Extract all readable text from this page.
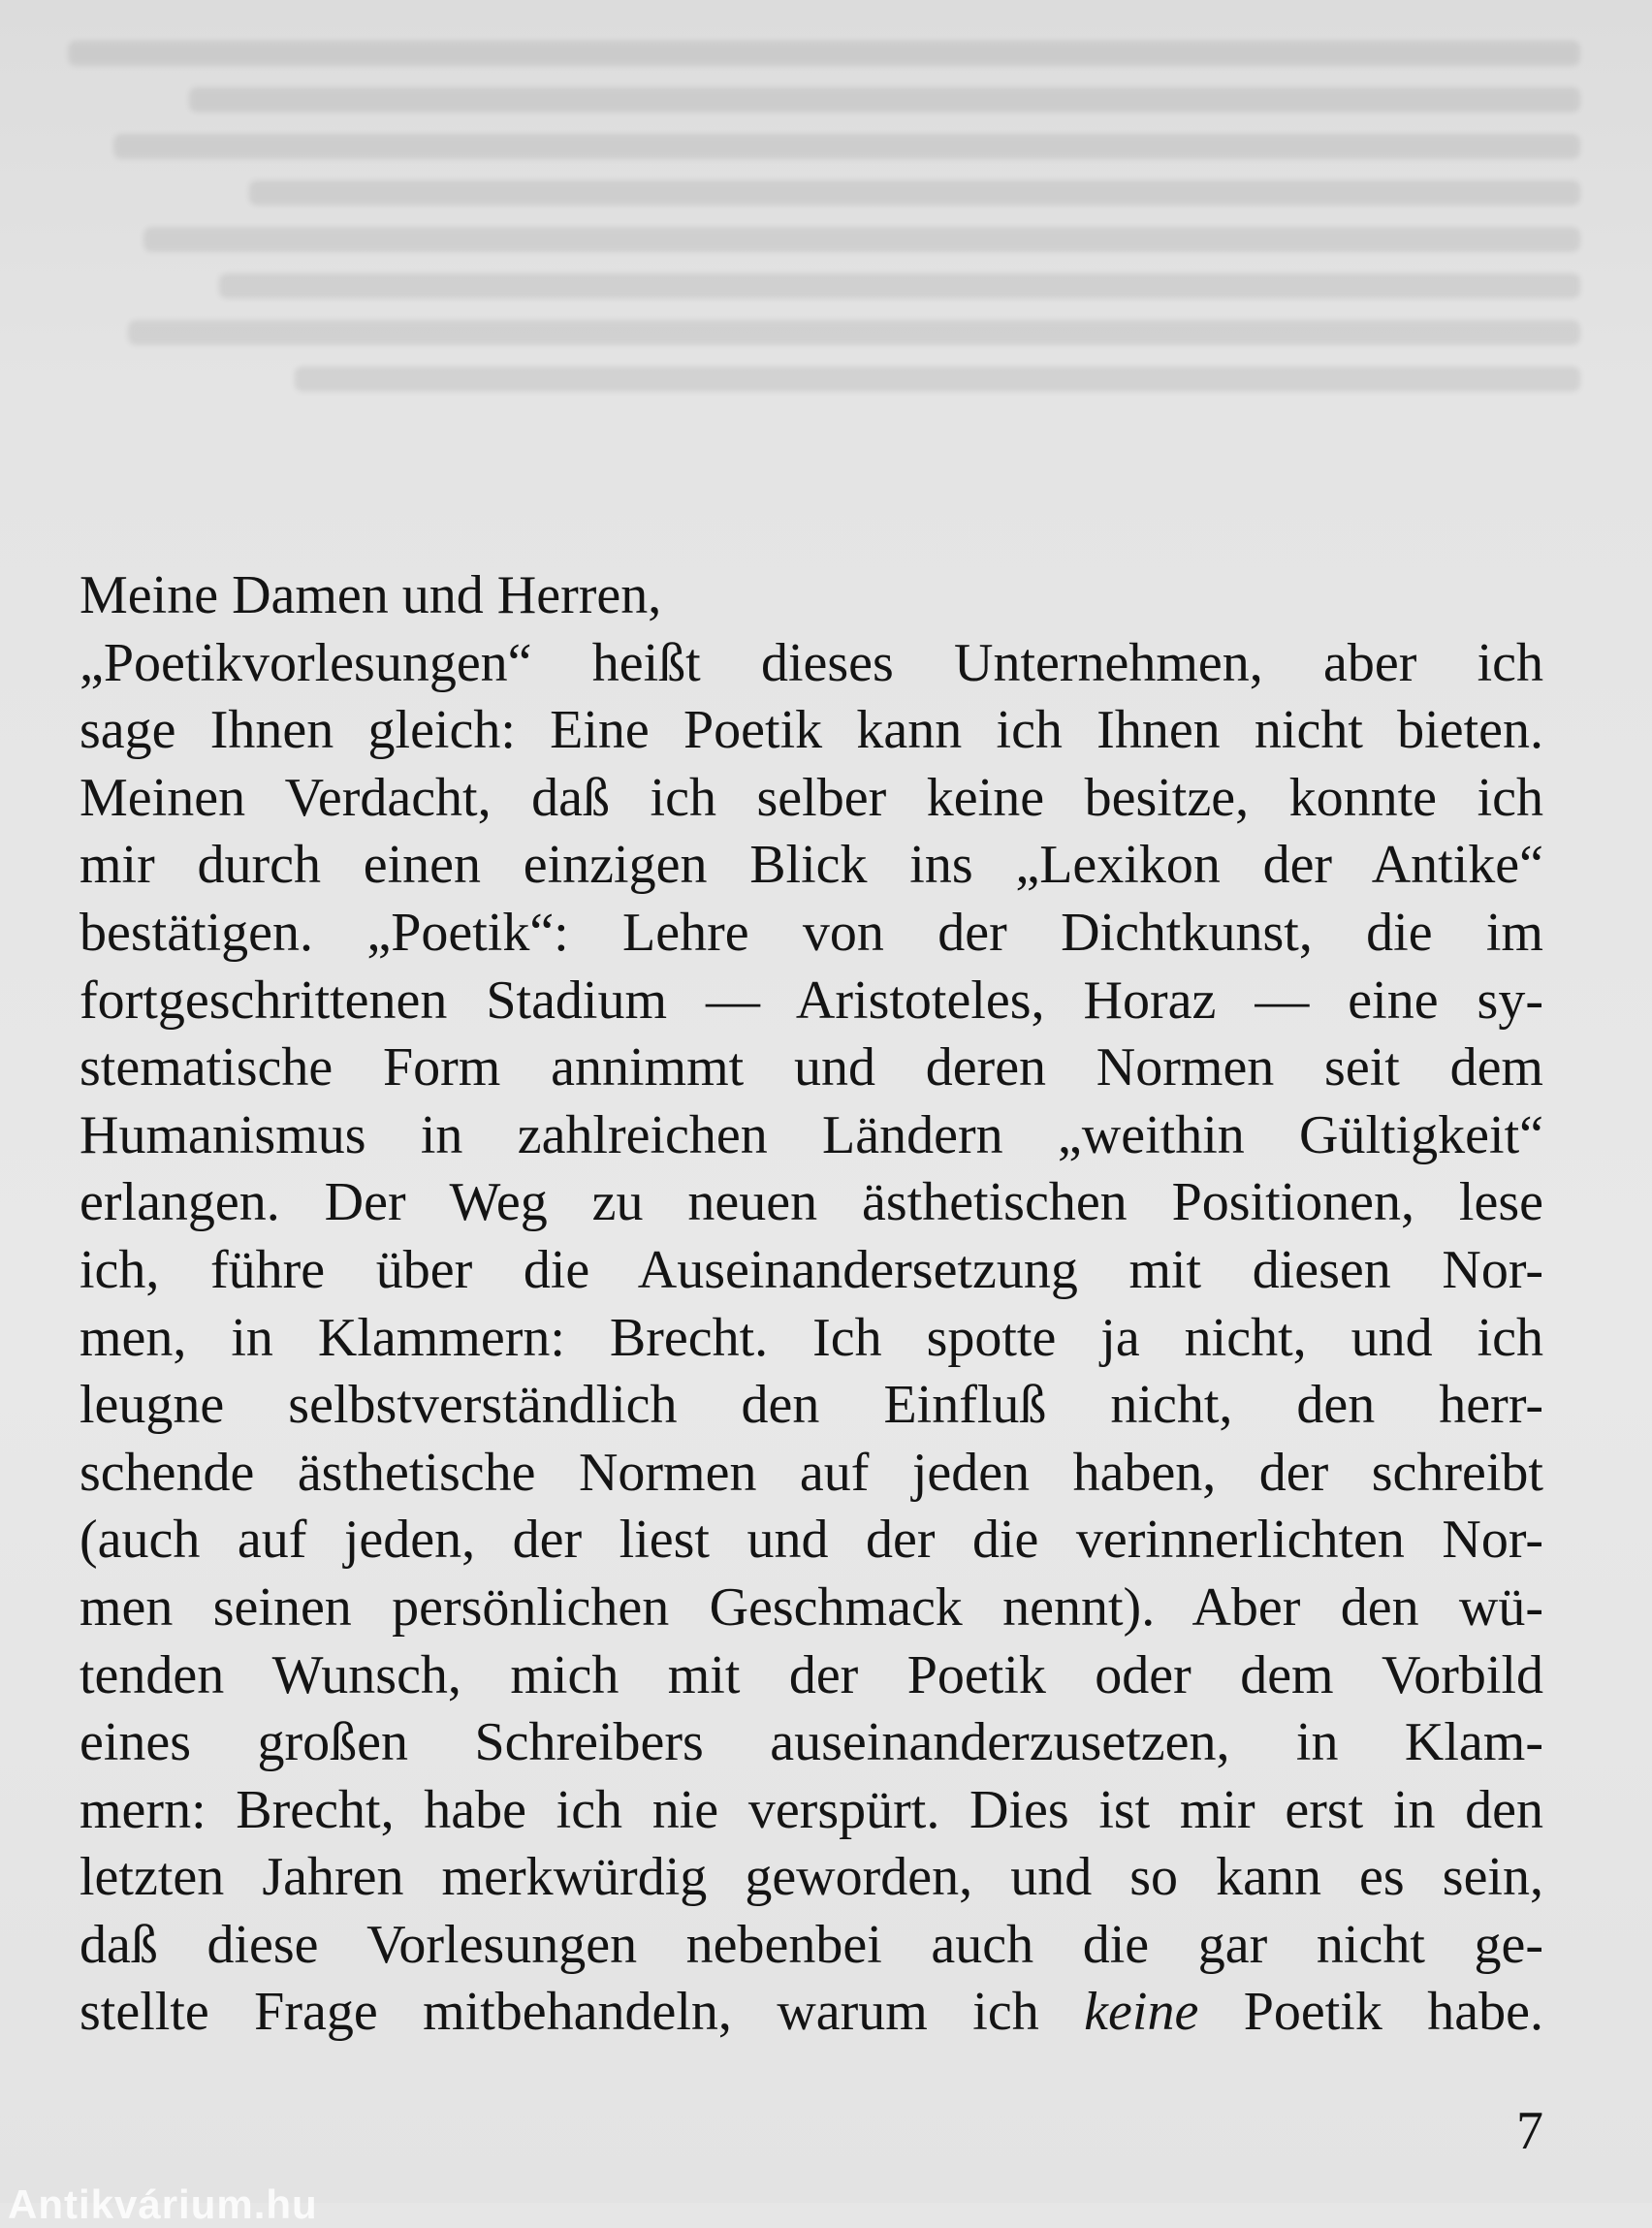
Meine Damen und Herren,
„Poetikvorlesungen“ heißt dieses Unternehmen, aber ich
sage Ihnen gleich: Eine Poetik kann ich Ihnen nicht bieten.
Meinen Verdacht, daß ich selber keine besitze, konnte ich
mir durch einen einzigen Blick ins „Lexikon der Antike“
bestätigen. „Poetik“: Lehre von der Dichtkunst, die im
fortgeschrittenen Stadium — Aristoteles, Horaz — eine sy-
stematische Form annimmt und deren Normen seit dem
Humanismus in zahlreichen Ländern „weithin Gültigkeit“
erlangen. Der Weg zu neuen ästhetischen Positionen, lese
ich, führe über die Auseinandersetzung mit diesen Nor-
men, in Klammern: Brecht. Ich spotte ja nicht, und ich
leugne selbstverständlich den Einfluß nicht, den herr-
schende ästhetische Normen auf jeden haben, der schreibt
(auch auf jeden, der liest und der die verinnerlichten Nor-
men seinen persönlichen Geschmack nennt). Aber den wü-
tenden Wunsch, mich mit der Poetik oder dem Vorbild
eines großen Schreibers auseinanderzusetzen, in Klam-
mern: Brecht, habe ich nie verspürt. Dies ist mir erst in den
letzten Jahren merkwürdig geworden, und so kann es sein,
daß diese Vorlesungen nebenbei auch die gar nicht ge-
stellte Frage mitbehandeln, warum ich keine Poetik habe.
7
Antikvárium.hu
